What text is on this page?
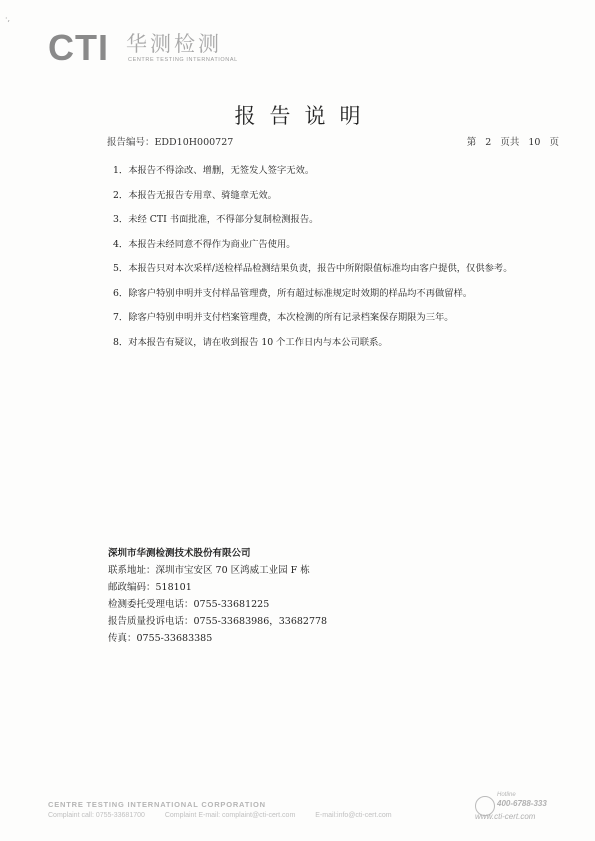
·,
CTI 华测检测
CENTRE TESTING INTERNATIONAL
报告说明
报告编号：EDD10H000727	第 2 页共 10 页
1．本报告不得涂改、增删，无签发人签字无效。
2．本报告无报告专用章、骑缝章无效。
3．未经 CTI 书面批准，不得部分复制检测报告。
4．本报告未经同意不得作为商业广告使用。
5．本报告只对本次采样/送检样品检测结果负责，报告中所附限值标准均由客户提供，仅供参考。
6．除客户特别申明并支付样品管理费，所有超过标准规定时效期的样品均不再做留样。
7．除客户特别申明并支付档案管理费，本次检测的所有记录档案保存期限为三年。
8．对本报告有疑议，请在收到报告 10 个工作日内与本公司联系。
深圳市华测检测技术股份有限公司
联系地址：深圳市宝安区 70 区鸿威工业园 F 栋
邮政编码：518101
检测委托受理电话：0755-33681225
报告质量投诉电话：0755-33683986，33682778
传真：0755-33683385
CENTRE TESTING INTERNATIONAL CORPORATION
Complaint call: 0755-33681700	Complaint E-mail: complaint@cti-cert.com	E-mail:info@cti-cert.com
Hotline
400-6788-333
www.cti-cert.com
